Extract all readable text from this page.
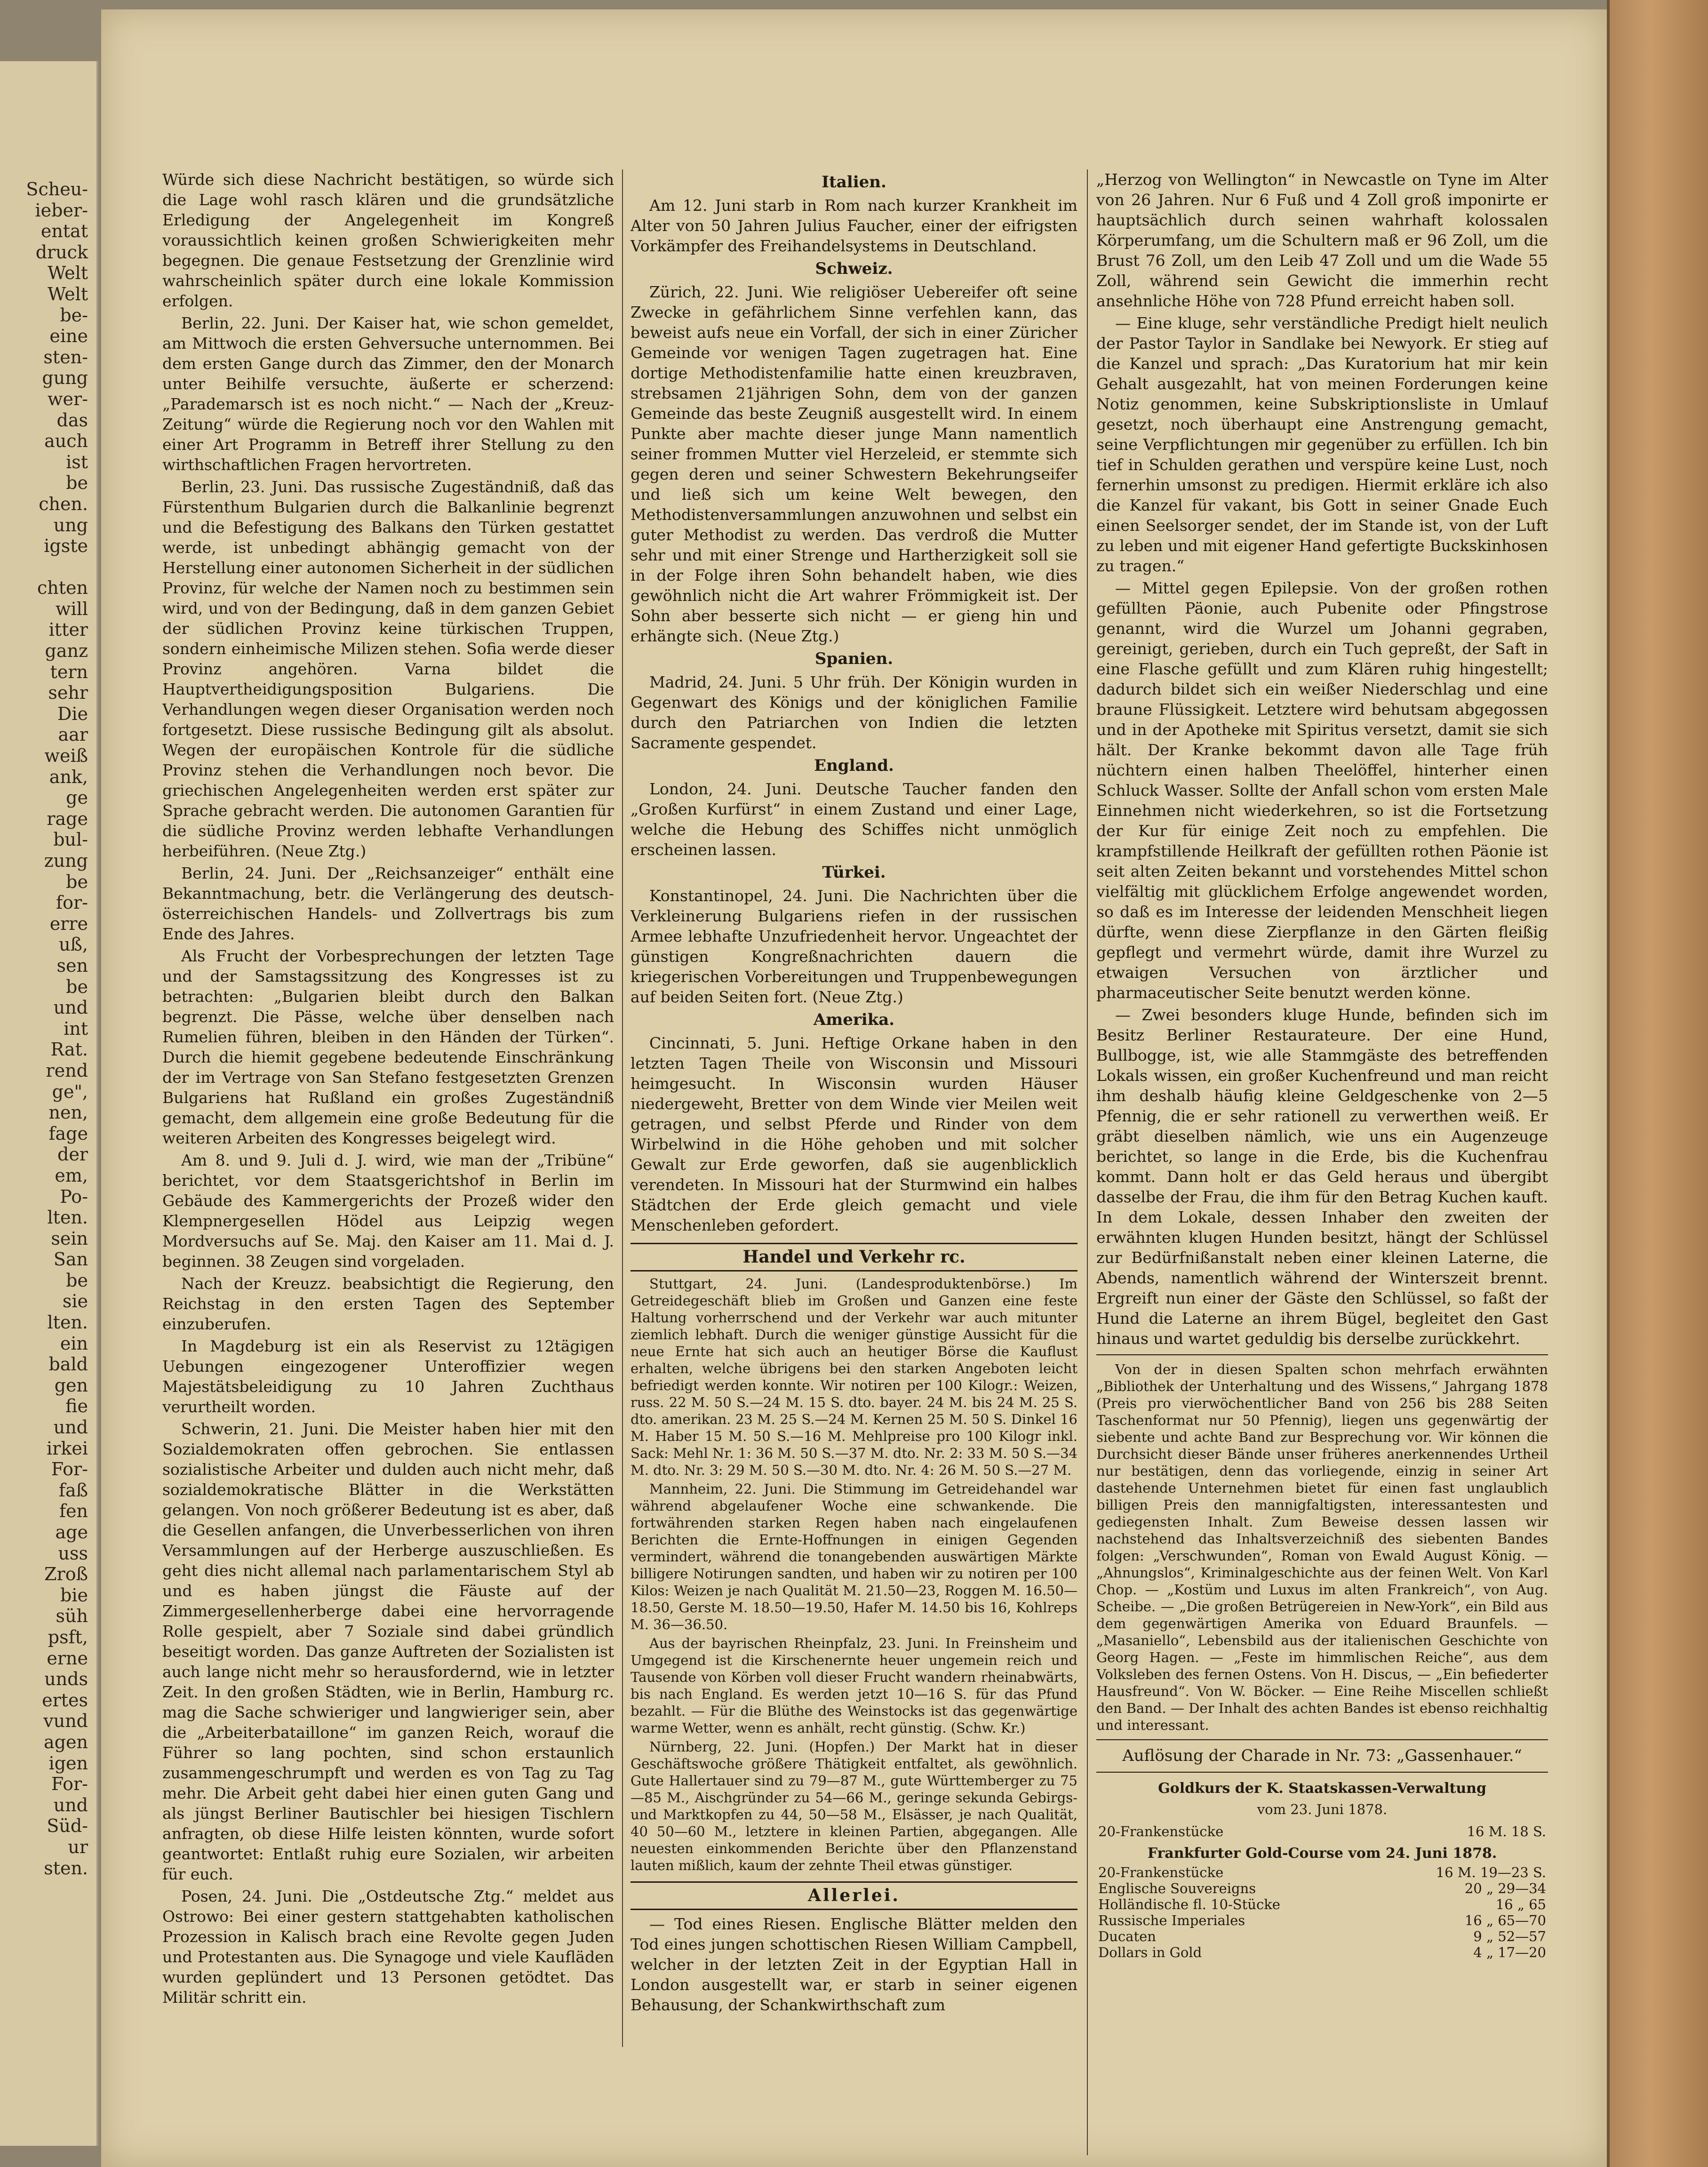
Scheu-
ieber-
entat
druck
Welt
Welt
be-
eine
sten-
gung
wer-
das
auch
ist
be
chen.
ung
igste

chten
will
itter
ganz
tern
sehr
Die
aar
weiß
ank,
ge
rage
bul-
zung
be
for-
erre
uß,
sen
be
und
int
Rat.
rend
ge",
nen,
fage
der
em,
Po-
lten.
sein
San
be
sie
lten.
ein
bald
gen
fie
und
irkei
For-
faß
fen
age
uss
Zroß
bie
süh
psft,
erne
unds
ertes
vund
agen
igen
For-
und
Süd-
ur
sten.

Würde sich diese Nachricht bestätigen, so würde sich die Lage wohl rasch klären und die grundsätzliche Erledigung der Angelegenheit im Kongreß voraussichtlich keinen großen Schwierigkeiten mehr begegnen. Die genaue Festsetzung der Grenzlinie wird wahrscheinlich später durch eine lokale Kommission erfolgen.

Berlin, 22. Juni. Der Kaiser hat, wie schon gemeldet, am Mittwoch die ersten Gehversuche unternommen. Bei dem ersten Gange durch das Zimmer, den der Monarch unter Beihilfe versuchte, äußerte er scherzend: „Parademarsch ist es noch nicht.“ — Nach der „Kreuz-Zeitung“ würde die Regierung noch vor den Wahlen mit einer Art Programm in Betreff ihrer Stellung zu den wirthschaftlichen Fragen hervortreten.

Berlin, 23. Juni. Das russische Zugeständniß, daß das Fürstenthum Bulgarien durch die Balkanlinie begrenzt und die Befestigung des Balkans den Türken gestattet werde, ist unbedingt abhängig gemacht von der Herstellung einer autonomen Sicherheit in der südlichen Provinz, für welche der Namen noch zu bestimmen sein wird, und von der Bedingung, daß in dem ganzen Gebiet der südlichen Provinz keine türkischen Truppen, sondern einheimische Milizen stehen. Sofia werde dieser Provinz angehören. Varna bildet die Hauptvertheidigungsposition Bulgariens. Die Verhandlungen wegen dieser Organisation werden noch fortgesetzt. Diese russische Bedingung gilt als absolut. Wegen der europäischen Kontrole für die südliche Provinz stehen die Verhandlungen noch bevor. Die griechischen Angelegenheiten werden erst später zur Sprache gebracht werden. Die autonomen Garantien für die südliche Provinz werden lebhafte Verhandlungen herbeiführen. (Neue Ztg.)

Berlin, 24. Juni. Der „Reichsanzeiger“ enthält eine Bekanntmachung, betr. die Verlängerung des deutsch-österreichischen Handels- und Zollvertrags bis zum Ende des Jahres.

Als Frucht der Vorbesprechungen der letzten Tage und der Samstagssitzung des Kongresses ist zu betrachten: „Bulgarien bleibt durch den Balkan begrenzt. Die Pässe, welche über denselben nach Rumelien führen, bleiben in den Händen der Türken“. Durch die hiemit gegebene bedeutende Einschränkung der im Vertrage von San Stefano festgesetzten Grenzen Bulgariens hat Rußland ein großes Zugeständniß gemacht, dem allgemein eine große Bedeutung für die weiteren Arbeiten des Kongresses beigelegt wird.

Am 8. und 9. Juli d. J. wird, wie man der „Tribüne“ berichtet, vor dem Staatsgerichtshof in Berlin im Gebäude des Kammergerichts der Prozeß wider den Klempnergesellen Hödel aus Leipzig wegen Mordversuchs auf Se. Maj. den Kaiser am 11. Mai d. J. beginnen. 38 Zeugen sind vorgeladen.

Nach der Kreuzz. beabsichtigt die Regierung, den Reichstag in den ersten Tagen des September einzuberufen.

In Magdeburg ist ein als Reservist zu 12tägigen Uebungen eingezogener Unteroffizier wegen Majestätsbeleidigung zu 10 Jahren Zuchthaus verurtheilt worden.

Schwerin, 21. Juni. Die Meister haben hier mit den Sozialdemokraten offen gebrochen. Sie entlassen sozialistische Arbeiter und dulden auch nicht mehr, daß sozialdemokratische Blätter in die Werkstätten gelangen. Von noch größerer Bedeutung ist es aber, daß die Gesellen anfangen, die Unverbesserlichen von ihren Versammlungen auf der Herberge auszuschließen. Es geht dies nicht allemal nach parlamentarischem Styl ab und es haben jüngst die Fäuste auf der Zimmergesellenherberge dabei eine hervorragende Rolle gespielt, aber 7 Soziale sind dabei gründlich beseitigt worden. Das ganze Auftreten der Sozialisten ist auch lange nicht mehr so herausfordernd, wie in letzter Zeit. In den großen Städten, wie in Berlin, Hamburg rc. mag die Sache schwieriger und langwieriger sein, aber die „Arbeiterbataillone“ im ganzen Reich, worauf die Führer so lang pochten, sind schon erstaunlich zusammengeschrumpft und werden es von Tag zu Tag mehr. Die Arbeit geht dabei hier einen guten Gang und als jüngst Berliner Bautischler bei hiesigen Tischlern anfragten, ob diese Hilfe leisten könnten, wurde sofort geantwortet: Entlaßt ruhig eure Sozialen, wir arbeiten für euch.

Posen, 24. Juni. Die „Ostdeutsche Ztg.“ meldet aus Ostrowo: Bei einer gestern stattgehabten katholischen Prozession in Kalisch brach eine Revolte gegen Juden und Protestanten aus. Die Synagoge und viele Kaufläden wurden geplündert und 13 Personen getödtet. Das Militär schritt ein.

Italien.

Am 12. Juni starb in Rom nach kurzer Krankheit im Alter von 50 Jahren Julius Faucher, einer der eifrigsten Vorkämpfer des Freihandelsystems in Deutschland.

Schweiz.

Zürich, 22. Juni. Wie religiöser Uebereifer oft seine Zwecke in gefährlichem Sinne verfehlen kann, das beweist aufs neue ein Vorfall, der sich in einer Züricher Gemeinde vor wenigen Tagen zugetragen hat. Eine dortige Methodistenfamilie hatte einen kreuzbraven, strebsamen 21jährigen Sohn, dem von der ganzen Gemeinde das beste Zeugniß ausgestellt wird. In einem Punkte aber machte dieser junge Mann namentlich seiner frommen Mutter viel Herzeleid, er stemmte sich gegen deren und seiner Schwestern Bekehrungseifer und ließ sich um keine Welt bewegen, den Methodistenversammlungen anzuwohnen und selbst ein guter Methodist zu werden. Das verdroß die Mutter sehr und mit einer Strenge und Hartherzigkeit soll sie in der Folge ihren Sohn behandelt haben, wie dies gewöhnlich nicht die Art wahrer Frömmigkeit ist. Der Sohn aber besserte sich nicht — er gieng hin und erhängte sich. (Neue Ztg.)

Spanien.

Madrid, 24. Juni. 5 Uhr früh. Der Königin wurden in Gegenwart des Königs und der königlichen Familie durch den Patriarchen von Indien die letzten Sacramente gespendet.

England.

London, 24. Juni. Deutsche Taucher fanden den „Großen Kurfürst“ in einem Zustand und einer Lage, welche die Hebung des Schiffes nicht unmöglich erscheinen lassen.

Türkei.

Konstantinopel, 24. Juni. Die Nachrichten über die Verkleinerung Bulgariens riefen in der russischen Armee lebhafte Unzufriedenheit hervor. Ungeachtet der günstigen Kongreßnachrichten dauern die kriegerischen Vorbereitungen und Truppenbewegungen auf beiden Seiten fort. (Neue Ztg.)

Amerika.

Cincinnati, 5. Juni. Heftige Orkane haben in den letzten Tagen Theile von Wisconsin und Missouri heimgesucht. In Wisconsin wurden Häuser niedergeweht, Bretter von dem Winde vier Meilen weit getragen, und selbst Pferde und Rinder von dem Wirbelwind in die Höhe gehoben und mit solcher Gewalt zur Erde geworfen, daß sie augenblicklich verendeten. In Missouri hat der Sturmwind ein halbes Städtchen der Erde gleich gemacht und viele Menschenleben gefordert.

Handel und Verkehr rc.

Stuttgart, 24. Juni. (Landesproduktenbörse.) Im Getreidegeschäft blieb im Großen und Ganzen eine feste Haltung vorherrschend und der Verkehr war auch mitunter ziemlich lebhaft. Durch die weniger günstige Aussicht für die neue Ernte hat sich auch an heutiger Börse die Kauflust erhalten, welche übrigens bei den starken Angeboten leicht befriedigt werden konnte. Wir notiren per 100 Kilogr.: Weizen, russ. 22 M. 50 S.—24 M. 15 S. dto. bayer. 24 M. bis 24 M. 25 S. dto. amerikan. 23 M. 25 S.—24 M. Kernen 25 M. 50 S. Dinkel 16 M. Haber 15 M. 50 S.—16 M. Mehlpreise pro 100 Kilogr inkl. Sack: Mehl Nr. 1: 36 M. 50 S.—37 M. dto. Nr. 2: 33 M. 50 S.—34 M. dto. Nr. 3: 29 M. 50 S.—30 M. dto. Nr. 4: 26 M. 50 S.—27 M.

Mannheim, 22. Juni. Die Stimmung im Getreidehandel war während abgelaufener Woche eine schwankende. Die fortwährenden starken Regen haben nach eingelaufenen Berichten die Ernte-Hoffnungen in einigen Gegenden vermindert, während die tonangebenden auswärtigen Märkte billigere Notirungen sandten, und haben wir zu notiren per 100 Kilos: Weizen je nach Qualität M. 21.50—23, Roggen M. 16.50—18.50, Gerste M. 18.50—19.50, Hafer M. 14.50 bis 16, Kohlreps M. 36—36.50.

Aus der bayrischen Rheinpfalz, 23. Juni. In Freinsheim und Umgegend ist die Kirschenernte heuer ungemein reich und Tausende von Körben voll dieser Frucht wandern rheinabwärts, bis nach England. Es werden jetzt 10—16 S. für das Pfund bezahlt. — Für die Blüthe des Weinstocks ist das gegenwärtige warme Wetter, wenn es anhält, recht günstig. (Schw. Kr.)

Nürnberg, 22. Juni. (Hopfen.) Der Markt hat in dieser Geschäftswoche größere Thätigkeit entfaltet, als gewöhnlich. Gute Hallertauer sind zu 79—87 M., gute Württemberger zu 75—85 M., Aischgründer zu 54—66 M., geringe sekunda Gebirgs- und Marktkopfen zu 44, 50—58 M., Elsässer, je nach Qualität, 40 50—60 M., letztere in kleinen Partien, abgegangen. Alle neuesten einkommenden Berichte über den Pflanzenstand lauten mißlich, kaum der zehnte Theil etwas günstiger.

Allerlei.

— Tod eines Riesen. Englische Blätter melden den Tod eines jungen schottischen Riesen William Campbell, welcher in der letzten Zeit in der Egyptian Hall in London ausgestellt war, er starb in seiner eigenen Behausung, der Schankwirthschaft zum

„Herzog von Wellington“ in Newcastle on Tyne im Alter von 26 Jahren. Nur 6 Fuß und 4 Zoll groß imponirte er hauptsächlich durch seinen wahrhaft kolossalen Körperumfang, um die Schultern maß er 96 Zoll, um die Brust 76 Zoll, um den Leib 47 Zoll und um die Wade 55 Zoll, während sein Gewicht die immerhin recht ansehnliche Höhe von 728 Pfund erreicht haben soll.

— Eine kluge, sehr verständliche Predigt hielt neulich der Pastor Taylor in Sandlake bei Newyork. Er stieg auf die Kanzel und sprach: „Das Kuratorium hat mir kein Gehalt ausgezahlt, hat von meinen Forderungen keine Notiz genommen, keine Subskriptionsliste in Umlauf gesetzt, noch überhaupt eine Anstrengung gemacht, seine Verpflichtungen mir gegenüber zu erfüllen. Ich bin tief in Schulden gerathen und verspüre keine Lust, noch fernerhin umsonst zu predigen. Hiermit erkläre ich also die Kanzel für vakant, bis Gott in seiner Gnade Euch einen Seelsorger sendet, der im Stande ist, von der Luft zu leben und mit eigener Hand gefertigte Buckskinhosen zu tragen.“

— Mittel gegen Epilepsie. Von der großen rothen gefüllten Päonie, auch Pubenite oder Pfingstrose genannt, wird die Wurzel um Johanni gegraben, gereinigt, gerieben, durch ein Tuch gepreßt, der Saft in eine Flasche gefüllt und zum Klären ruhig hingestellt; dadurch bildet sich ein weißer Niederschlag und eine braune Flüssigkeit. Letztere wird behutsam abgegossen und in der Apotheke mit Spiritus versetzt, damit sie sich hält. Der Kranke bekommt davon alle Tage früh nüchtern einen halben Theelöffel, hinterher einen Schluck Wasser. Sollte der Anfall schon vom ersten Male Einnehmen nicht wiederkehren, so ist die Fortsetzung der Kur für einige Zeit noch zu empfehlen. Die krampfstillende Heilkraft der gefüllten rothen Päonie ist seit alten Zeiten bekannt und vorstehendes Mittel schon vielfältig mit glücklichem Erfolge angewendet worden, so daß es im Interesse der leidenden Menschheit liegen dürfte, wenn diese Zierpflanze in den Gärten fleißig gepflegt und vermehrt würde, damit ihre Wurzel zu etwaigen Versuchen von ärztlicher und pharmaceutischer Seite benutzt werden könne.

— Zwei besonders kluge Hunde, befinden sich im Besitz Berliner Restaurateure. Der eine Hund, Bullbogge, ist, wie alle Stammgäste des betreffenden Lokals wissen, ein großer Kuchenfreund und man reicht ihm deshalb häufig kleine Geldgeschenke von 2—5 Pfennig, die er sehr rationell zu verwerthen weiß. Er gräbt dieselben nämlich, wie uns ein Augenzeuge berichtet, so lange in die Erde, bis die Kuchenfrau kommt. Dann holt er das Geld heraus und übergibt dasselbe der Frau, die ihm für den Betrag Kuchen kauft. In dem Lokale, dessen Inhaber den zweiten der erwähnten klugen Hunden besitzt, hängt der Schlüssel zur Bedürfnißanstalt neben einer kleinen Laterne, die Abends, namentlich während der Winterszeit brennt. Ergreift nun einer der Gäste den Schlüssel, so faßt der Hund die Laterne an ihrem Bügel, begleitet den Gast hinaus und wartet geduldig bis derselbe zurückkehrt.

Von der in diesen Spalten schon mehrfach erwähnten „Bibliothek der Unterhaltung und des Wissens,“ Jahrgang 1878 (Preis pro vierwöchentlicher Band von 256 bis 288 Seiten Taschenformat nur 50 Pfennig), liegen uns gegenwärtig der siebente und achte Band zur Besprechung vor. Wir können die Durchsicht dieser Bände unser früheres anerkennendes Urtheil nur bestätigen, denn das vorliegende, einzig in seiner Art dastehende Unternehmen bietet für einen fast unglaublich billigen Preis den mannigfaltigsten, interessantesten und gediegensten Inhalt. Zum Beweise dessen lassen wir nachstehend das Inhaltsverzeichniß des siebenten Bandes folgen: „Verschwunden“, Roman von Ewald August König. — „Ahnungslos“, Kriminalgeschichte aus der feinen Welt. Von Karl Chop. — „Kostüm und Luxus im alten Frankreich“, von Aug. Scheibe. — „Die großen Betrügereien in New-York“, ein Bild aus dem gegenwärtigen Amerika von Eduard Braunfels. — „Masaniello“, Lebensbild aus der italienischen Geschichte von Georg Hagen. — „Feste im himmlischen Reiche“, aus dem Volksleben des fernen Ostens. Von H. Discus, — „Ein befiederter Hausfreund“. Von W. Böcker. — Eine Reihe Miscellen schließt den Band. — Der Inhalt des achten Bandes ist ebenso reichhaltig und interessant.

Auflösung der Charade in Nr. 73: „Gassenhauer.“

Goldkurs der K. Staatskassen-Verwaltung
vom 23. Juni 1878.
20-Frankenstücke	16 M. 18 S.
Frankfurter Gold-Course vom 24. Juni 1878.
20-Frankenstücke	16 M. 19—23 S.
Englische Souvereigns	20 „ 29—34
Holländische fl. 10-Stücke	16 „ 65
Russische Imperiales	16 „ 65—70
Ducaten	9 „ 52—57
Dollars in Gold	4 „ 17—20
